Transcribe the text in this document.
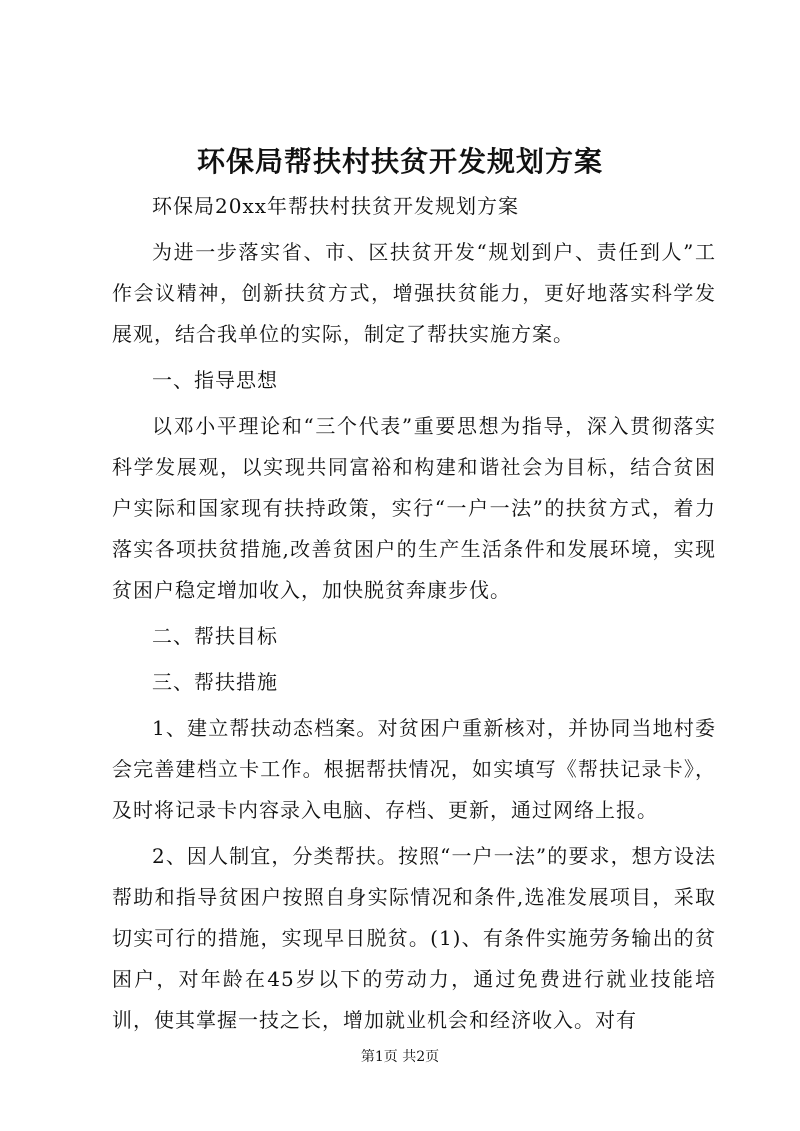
环保局帮扶村扶贫开发规划方案

环保局20xx年帮扶村扶贫开发规划方案

为进一步落实省、市、区扶贫开发“规划到户、责任到人”工作会议精神，创新扶贫方式，增强扶贫能力，更好地落实科学发展观，结合我单位的实际，制定了帮扶实施方案。

一、指导思想

以邓小平理论和“三个代表”重要思想为指导，深入贯彻落实科学发展观，以实现共同富裕和构建和谐社会为目标，结合贫困户实际和国家现有扶持政策，实行“一户一法”的扶贫方式，着力落实各项扶贫措施,改善贫困户的生产生活条件和发展环境，实现贫困户稳定增加收入，加快脱贫奔康步伐。

二、帮扶目标

三、帮扶措施

1、建立帮扶动态档案。对贫困户重新核对，并协同当地村委会完善建档立卡工作。根据帮扶情况，如实填写《帮扶记录卡》，及时将记录卡内容录入电脑、存档、更新，通过网络上报。

2、因人制宜，分类帮扶。按照“一户一法”的要求，想方设法帮助和指导贫困户按照自身实际情况和条件,选准发展项目，采取切实可行的措施，实现早日脱贫。(1)、有条件实施劳务输出的贫困户，对年龄在45岁以下的劳动力，通过免费进行就业技能培训，使其掌握一技之长，增加就业机会和经济收入。对有

第1页 共2页
